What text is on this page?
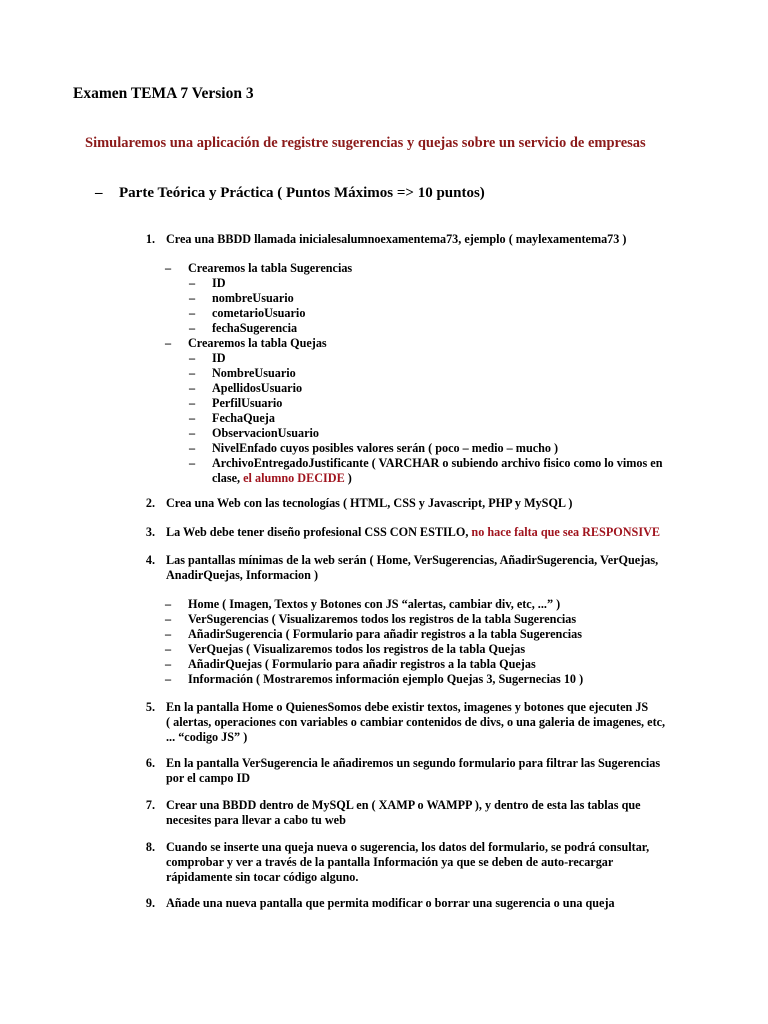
Examen TEMA 7 Version 3
Simularemos una aplicación de registre sugerencias y quejas sobre un servicio de empresas
– Parte Teórica y Práctica ( Puntos Máximos => 10 puntos)
1. Crea una BBDD llamada inicialesalumnoexamentema73, ejemplo ( maylexamentema73 )
– Crearemos la tabla Sugerencias
– ID
– nombreUsuario
– cometarioUsuario
– fechaSugerencia
– Crearemos la tabla Quejas
– ID
– NombreUsuario
– ApellidosUsuario
– PerfilUsuario
– FechaQueja
– ObservacionUsuario
– NivelEnfado cuyos posibles valores serán ( poco – medio – mucho )
– ArchivoEntregadoJustificante ( VARCHAR o subiendo archivo fisico como lo vimos en
clase, el alumno DECIDE )
2. Crea una Web con las tecnologías ( HTML, CSS y Javascript, PHP y MySQL )
3. La Web debe tener diseño profesional CSS CON ESTILO, no hace falta que sea RESPONSIVE
4. Las pantallas mínimas de la web serán ( Home, VerSugerencias, AñadirSugerencia, VerQuejas,
AnadirQuejas, Informacion )
– Home ( Imagen, Textos y Botones con JS “alertas, cambiar div, etc, ...” )
– VerSugerencias ( Visualizaremos todos los registros de la tabla Sugerencias
– AñadirSugerencia ( Formulario para añadir registros a la tabla Sugerencias
– VerQuejas ( Visualizaremos todos los registros de la tabla Quejas
– AñadirQuejas ( Formulario para añadir registros a la tabla Quejas
– Información ( Mostraremos información ejemplo Quejas 3, Sugernecias 10 )
5. En la pantalla Home o QuienesSomos debe existir textos, imagenes y botones que ejecuten JS
( alertas, operaciones con variables o cambiar contenidos de divs, o una galeria de imagenes, etc,
... “codigo JS” )
6. En la pantalla VerSugerencia le añadiremos un segundo formulario para filtrar las Sugerencias
por el campo ID
7. Crear una BBDD dentro de MySQL en ( XAMP o WAMPP ), y dentro de esta las tablas que
necesites para llevar a cabo tu web
8. Cuando se inserte una queja nueva o sugerencia, los datos del formulario, se podrá consultar,
comprobar y ver a través de la pantalla Información ya que se deben de auto-recargar
rápidamente sin tocar código alguno.
9. Añade una nueva pantalla que permita modificar o borrar una sugerencia o una queja
